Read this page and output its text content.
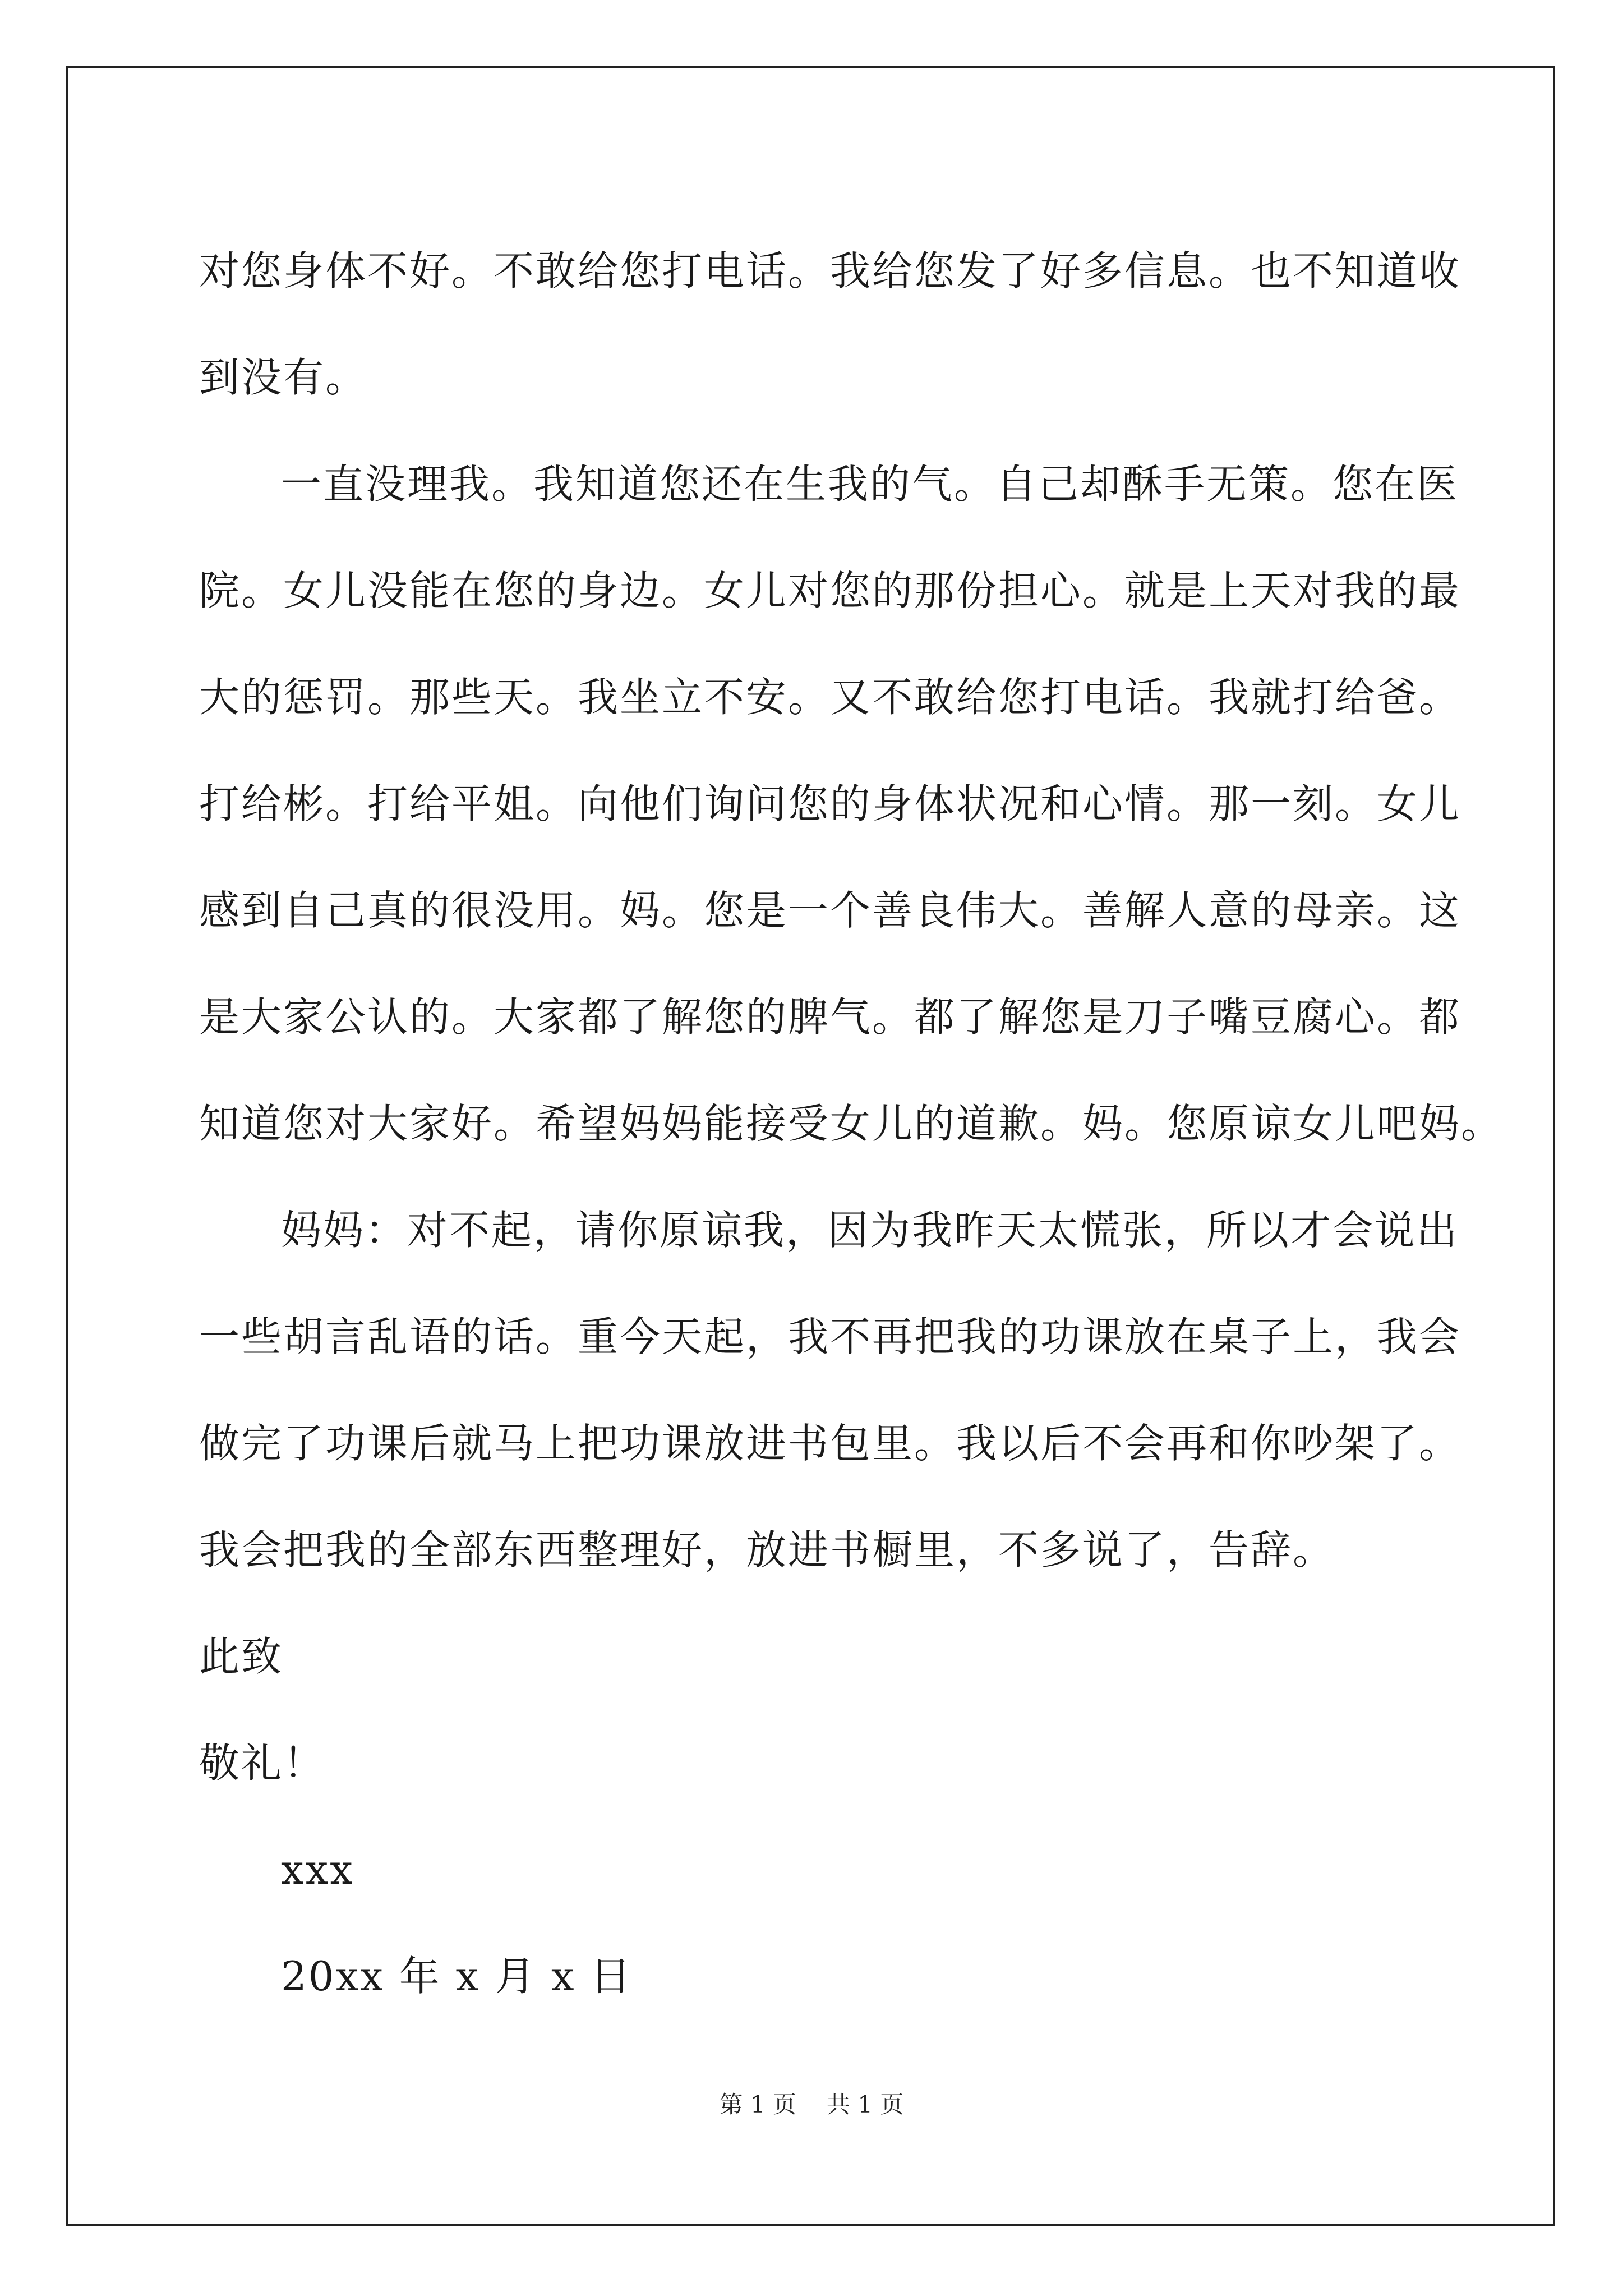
对您身体不好。不敢给您打电话。我给您发了好多信息。也不知道收
到没有。
一直没理我。我知道您还在生我的气。自己却酥手无策。您在医
院。女儿没能在您的身边。女儿对您的那份担心。就是上天对我的最
大的惩罚。那些天。我坐立不安。又不敢给您打电话。我就打给爸。
打给彬。打给平姐。向他们询问您的身体状况和心情。那一刻。女儿
感到自己真的很没用。妈。您是一个善良伟大。善解人意的母亲。这
是大家公认的。大家都了解您的脾气。都了解您是刀子嘴豆腐心。都
知道您对大家好。希望妈妈能接受女儿的道歉。妈。您原谅女儿吧妈。
妈妈：对不起，请你原谅我，因为我昨天太慌张，所以才会说出
一些胡言乱语的话。重今天起，我不再把我的功课放在桌子上，我会
做完了功课后就马上把功课放进书包里。我以后不会再和你吵架了。
我会把我的全部东西整理好，放进书橱里，不多说了，告辞。
此致
敬礼！
xxx
20xx 年 x 月 x 日
第 1 页 共 1 页
